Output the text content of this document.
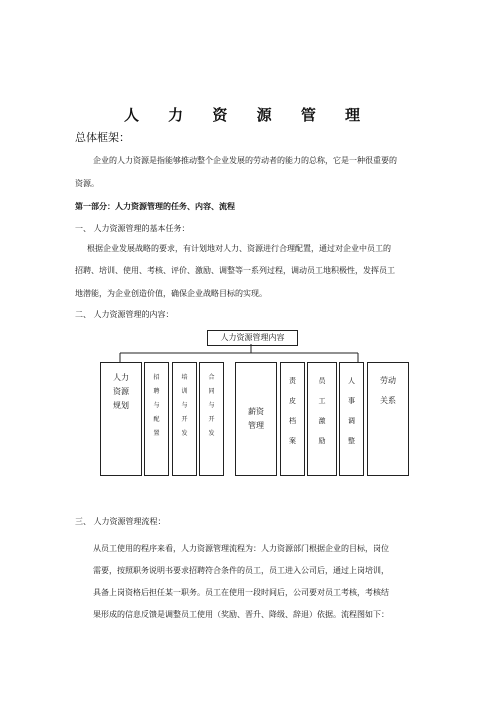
人 力 资 源 管 理
总体框架：
企业的人力资源是指能够推动整个企业发展的劳动者的能力的总称，它是一种很重要的
资源。
第一部分：人力资源管理的任务、内容、流程
一、 人力资源管理的基本任务：
根据企业发展战略的要求，有计划地对人力、资源进行合理配置，通过对企业中员工的
招聘、培训、使用、考核、评价、激励、调整等一系列过程，调动员工地积极性，发挥员工
地潜能，为企业创造价值，确保企业战略目标的实现。
二、 人力资源管理的内容：
人力资源管理内容
人力资源规划
招聘与配置
培训与开发
合同与开发
薪资管理
责皮档案
员工激励
人事调整
劳动关系
三、 人力资源管理流程：
从员工使用的程序来看，人力资源管理流程为：人力资源部门根据企业的目标，岗位
需要，按照职务说明书要求招聘符合条件的员工，员工进入公司后，通过上岗培训，
具备上岗资格后担任某一职务。员工在使用一段时间后，公司要对员工考核，考核结
果形成的信息反馈是调整员工使用（奖励、晋升、降级、辞退）依据。流程图如下：
